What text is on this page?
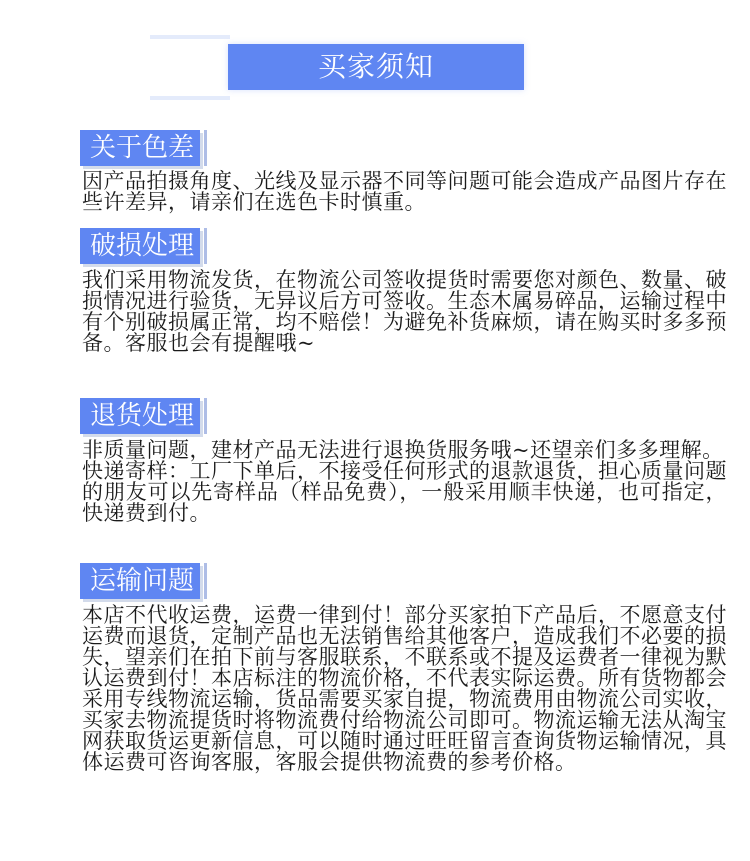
买家须知
关于色差

因产品拍摄角度、光线及显示器不同等问题可能会造成产品图片存在些许差异，请亲们在选色卡时慎重。

破损处理

我们采用物流发货，在物流公司签收提货时需要您对颜色、数量、破损情况进行验货，无异议后方可签收。生态木属易碎品，运输过程中有个别破损属正常，均不赔偿！为避免补货麻烦，请在购买时多多预备。客服也会有提醒哦~

退货处理

非质量问题，建材产品无法进行退换货服务哦~还望亲们多多理解。

快递寄样：工厂下单后，不接受任何形式的退款退货，担心质量问题的朋友可以先寄样品（样品免费），一般采用顺丰快递，也可指定，快递费到付。

运输问题

本店不代收运费，运费一律到付！部分买家拍下产品后，不愿意支付运费而退货，定制产品也无法销售给其他客户，造成我们不必要的损失，望亲们在拍下前与客服联系，不联系或不提及运费者一律视为默认运费到付！本店标注的物流价格，不代表实际运费。所有货物都会采用专线物流运输，货品需要买家自提，物流费用由物流公司实收，买家去物流提货时将物流费付给物流公司即可。物流运输无法从淘宝网获取货运更新信息，可以随时通过旺旺留言查询货物运输情况，具体运费可咨询客服，客服会提供物流费的参考价格。
